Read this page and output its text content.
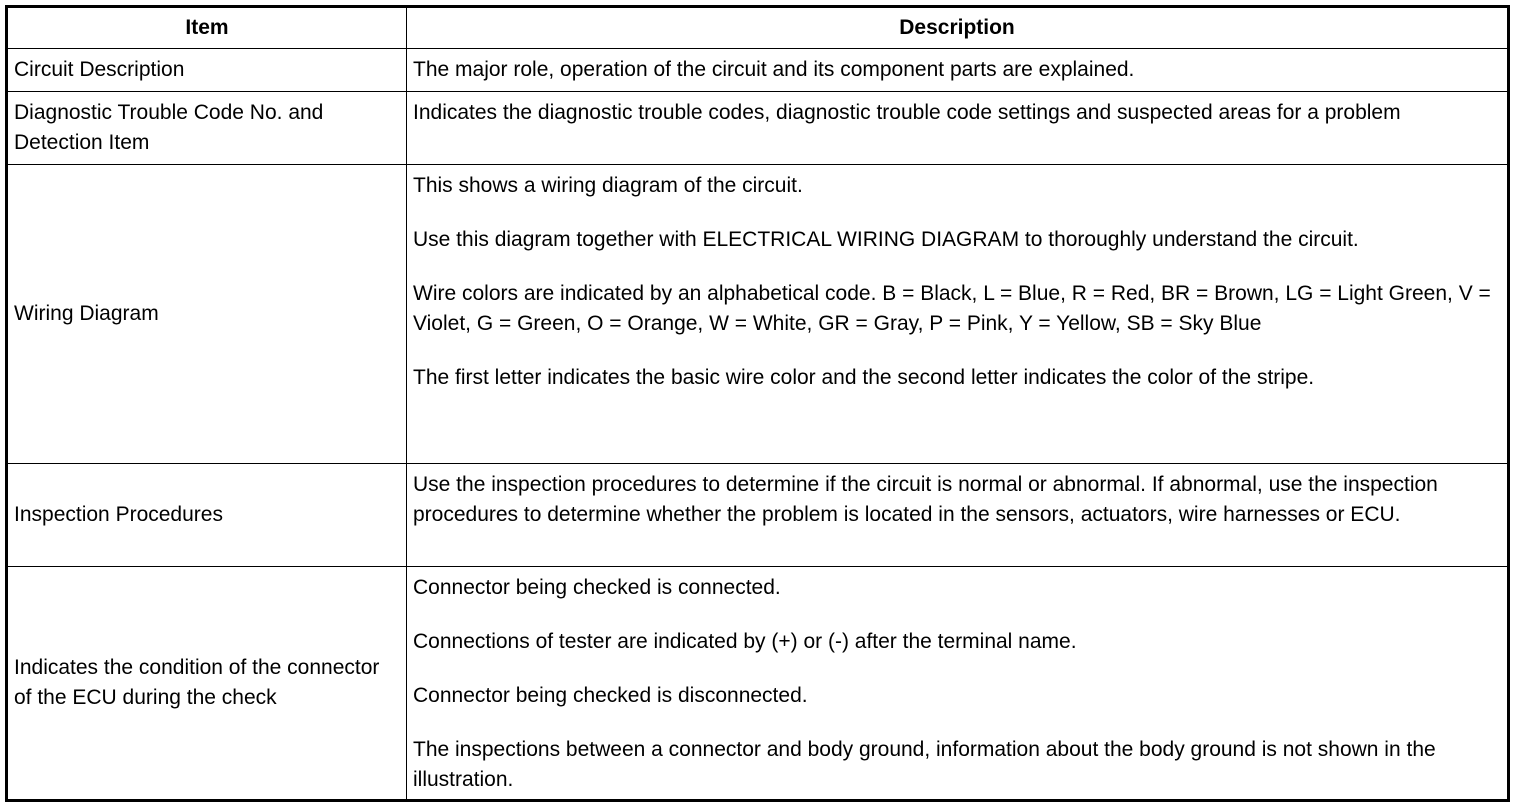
Item	Description
Circuit Description	The major role, operation of the circuit and its component parts are explained.

Diagnostic Trouble Code No. and Detection Item	Indicates the diagnostic trouble codes, diagnostic trouble code settings and suspected areas for a problem

Wiring Diagram	This shows a wiring diagram of the circuit.

Use this diagram together with ELECTRICAL WIRING DIAGRAM to thoroughly understand the circuit.

Wire colors are indicated by an alphabetical code. B = Black, L = Blue, R = Red, BR = Brown, LG = Light Green, V = Violet, G = Green, O = Orange, W = White, GR = Gray, P = Pink, Y = Yellow, SB = Sky Blue

The first letter indicates the basic wire color and the second letter indicates the color of the stripe.

Inspection Procedures	Use the inspection procedures to determine if the circuit is normal or abnormal. If abnormal, use the inspection procedures to determine whether the problem is located in the sensors, actuators, wire harnesses or ECU.

Indicates the condition of the connector of the ECU during the check	Connector being checked is connected.

Connections of tester are indicated by (+) or (-) after the terminal name.

Connector being checked is disconnected.

The inspections between a connector and body ground, information about the body ground is not shown in the illustration.
